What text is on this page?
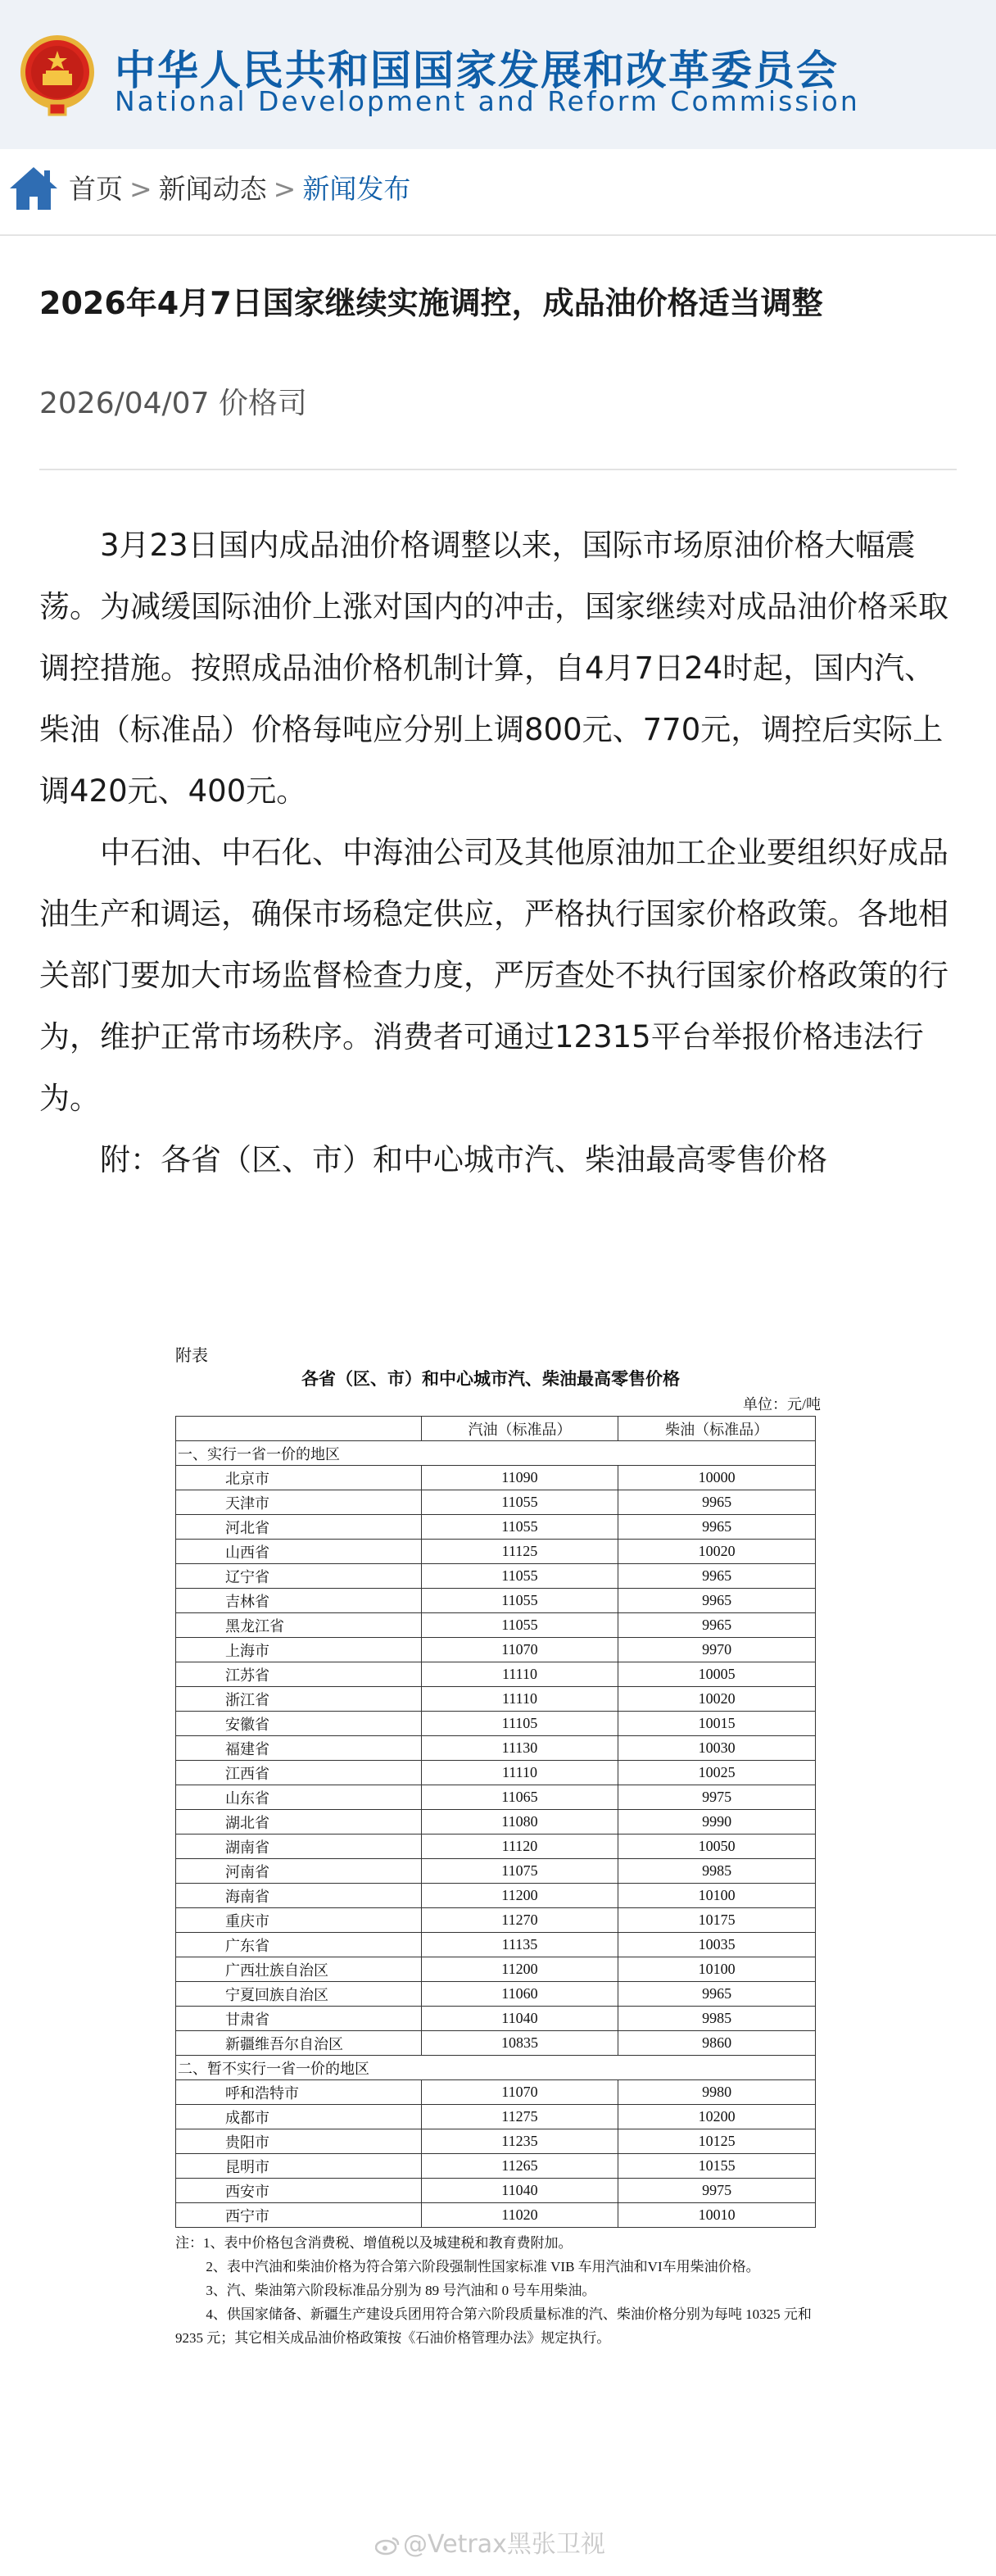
中华人民共和国国家发展和改革委员会
National Development and Reform Commission
首页 > 新闻动态 > 新闻发布
2026年4月7日国家继续实施调控，成品油价格适当调整
2026/04/07 价格司

3月23日国内成品油价格调整以来，国际市场原油价格大幅震荡。为减缓国际油价上涨对国内的冲击，国家继续对成品油价格采取调控措施。按照成品油价格机制计算，自4月7日24时起，国内汽、柴油（标准品）价格每吨应分别上调800元、770元，调控后实际上调420元、400元。

中石油、中石化、中海油公司及其他原油加工企业要组织好成品油生产和调运，确保市场稳定供应，严格执行国家价格政策。各地相关部门要加大市场监督检查力度，严厉查处不执行国家价格政策的行为，维护正常市场秩序。消费者可通过12315平台举报价格违法行为。

附：各省（区、市）和中心城市汽、柴油最高零售价格

附表
各省（区、市）和中心城市汽、柴油最高零售价格
单位：元/吨
	汽油（标准品）	柴油（标准品）
一、实行一省一价的地区		
北京市	11090	10000
天津市	11055	9965
河北省	11055	9965
山西省	11125	10020
辽宁省	11055	9965
吉林省	11055	9965
黑龙江省	11055	9965
上海市	11070	9970
江苏省	11110	10005
浙江省	11110	10020
安徽省	11105	10015
福建省	11130	10030
江西省	11110	10025
山东省	11065	9975
湖北省	11080	9990
湖南省	11120	10050
河南省	11075	9985
海南省	11200	10100
重庆市	11270	10175
广东省	11135	10035
广西壮族自治区	11200	10100
宁夏回族自治区	11060	9965
甘肃省	11040	9985
新疆维吾尔自治区	10835	9860
二、暂不实行一省一价的地区		
呼和浩特市	11070	9980
成都市	11275	10200
贵阳市	11235	10125
昆明市	11265	10155
西安市	11040	9975
西宁市	11020	10010

注：1、表中价格包含消费税、增值税以及城建税和教育费附加。

2、表中汽油和柴油价格为符合第六阶段强制性国家标准 VIB 车用汽油和VI车用柴油价格。

3、汽、柴油第六阶段标准品分别为 89 号汽油和 0 号车用柴油。

4、供国家储备、新疆生产建设兵团用符合第六阶段质量标准的汽、柴油价格分别为每吨 10325 元和 9235 元；其它相关成品油价格政策按《石油价格管理办法》规定执行。

@Vetrax黑张卫视
